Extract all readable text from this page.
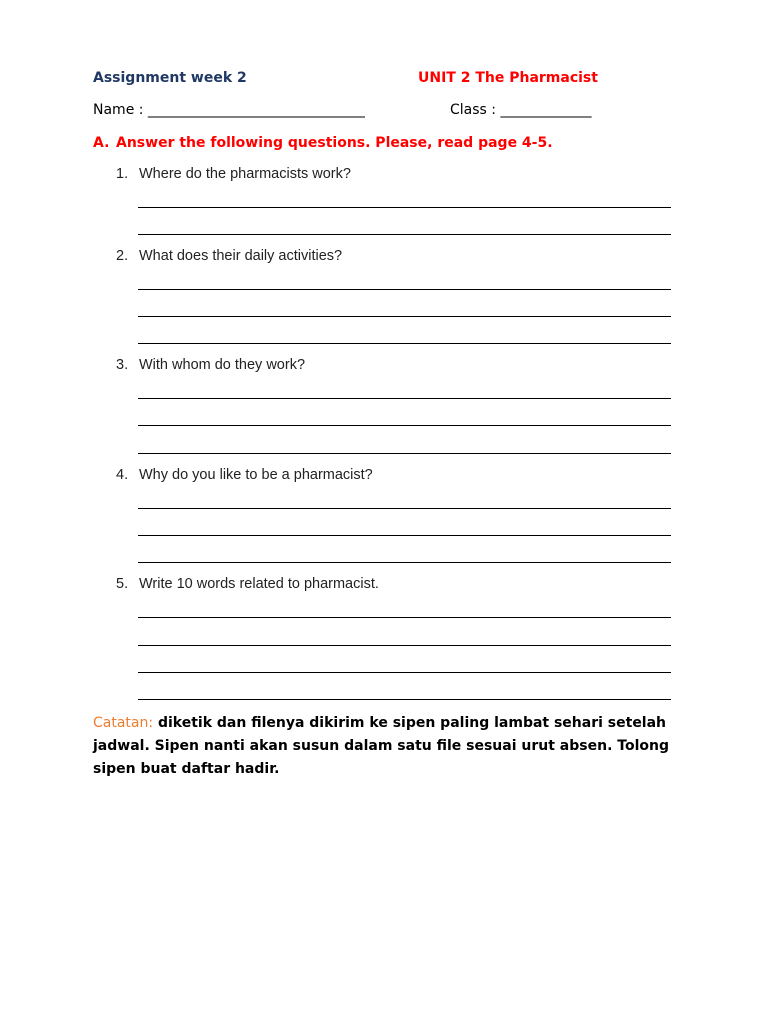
Assignment week 2	UNIT 2 The Pharmacist
Name : _______________________________	Class : _____________
A. Answer the following questions. Please, read page 4-5.
1. Where do the pharmacists work?
2. What does their daily activities?
3. With whom do they work?
4. Why do you like to be a pharmacist?
5. Write 10 words related to pharmacist.
Catatan: diketik dan filenya dikirim ke sipen paling lambat sehari setelah jadwal. Sipen nanti akan susun dalam satu file sesuai urut absen. Tolong sipen buat daftar hadir.
